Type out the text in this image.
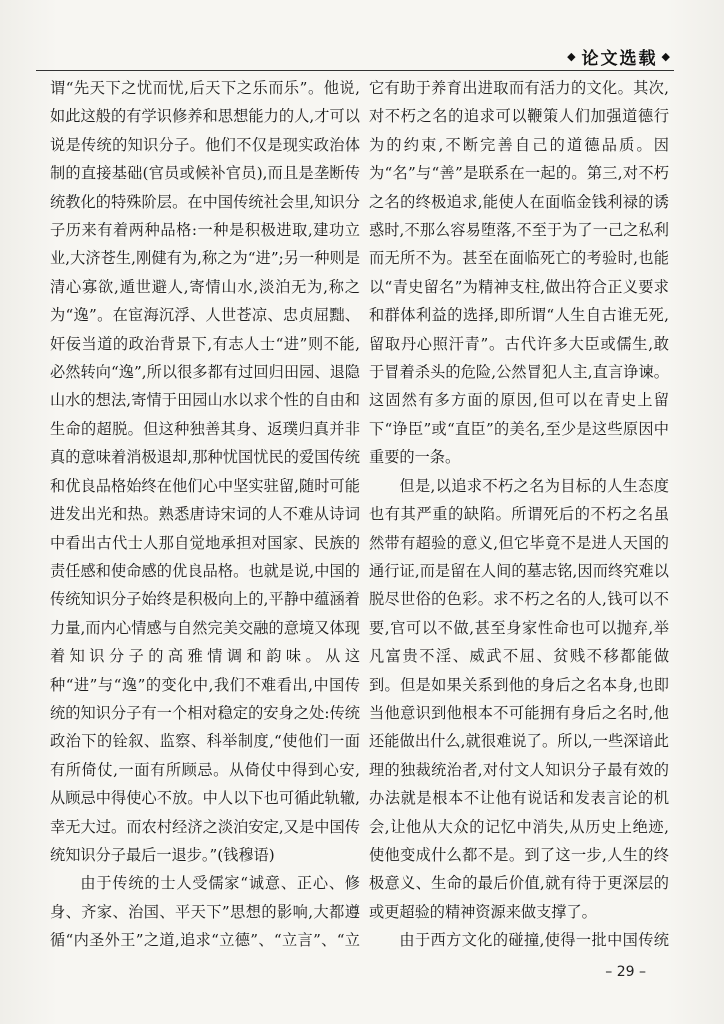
◆ 论文选载 ◆

谓“先天下之忧而忧,后天下之乐而乐”。他说,如此这般的有学识修养和思想能力的人,才可以说是传统的知识分子。他们不仅是现实政治体制的直接基础(官员或候补官员),而且是垄断传统教化的特殊阶层。在中国传统社会里,知识分子历来有着两种品格:一种是积极进取,建功立业,大济苍生,刚健有为,称之为“进”;另一种则是清心寡欲,遁世避人,寄情山水,淡泊无为,称之为“逸”。在宦海沉浮、人世苍凉、忠贞屈黜、奸佞当道的政治背景下,有志人士“进”则不能,必然转向“逸”,所以很多都有过回归田园、退隐山水的想法,寄情于田园山水以求个性的自由和生命的超脱。但这种独善其身、返璞归真并非真的意味着消极退却,那种忧国忧民的爱国传统和优良品格始终在他们心中坚实驻留,随时可能进发出光和热。熟悉唐诗宋词的人不难从诗词中看出古代士人那自觉地承担对国家、民族的责任感和使命感的优良品格。也就是说,中国的传统知识分子始终是积极向上的,平静中蕴涵着力量,而内心情感与自然完美交融的意境又体现着知识分子的高雅情调和韵味。从这种“进”与“逸”的变化中,我们不难看出,中国传统的知识分子有一个相对稳定的安身之处:传统政治下的铨叙、监察、科举制度,“使他们一面有所倚仗,一面有所顾忌。从倚仗中得到心安,从顾忌中得使心不放。中人以下也可循此轨辙,幸无大过。而农村经济之淡泊安定,又是中国传统知识分子最后一退步。”(钱穆语)

由于传统的士人受儒家“诚意、正心、修身、齐家、治国、平天下”思想的影响,大都遵循“内圣外王”之道,追求“立德”、“立言”、“立

它有助于养育出进取而有活力的文化。其次,对不朽之名的追求可以鞭策人们加强道德行为的约束,不断完善自己的道德品质。因为“名”与“善”是联系在一起的。第三,对不朽之名的终极追求,能使人在面临金钱利禄的诱惑时,不那么容易堕落,不至于为了一己之私利而无所不为。甚至在面临死亡的考验时,也能以“青史留名”为精神支柱,做出符合正义要求和群体利益的选择,即所谓“人生自古谁无死,留取丹心照汗青”。古代许多大臣或儒生,敢于冒着杀头的危险,公然冒犯人主,直言诤谏。这固然有多方面的原因,但可以在青史上留下“诤臣”或“直臣”的美名,至少是这些原因中重要的一条。

但是,以追求不朽之名为目标的人生态度也有其严重的缺陷。所谓死后的不朽之名虽然带有超验的意义,但它毕竟不是进人天国的通行证,而是留在人间的墓志铭,因而终究难以脱尽世俗的色彩。求不朽之名的人,钱可以不要,官可以不做,甚至身家性命也可以抛弃,举凡富贵不淫、威武不屈、贫贱不移都能做到。但是如果关系到他的身后之名本身,也即当他意识到他根本不可能拥有身后之名时,他还能做出什么,就很难说了。所以,一些深谙此理的独裁统治者,对付文人知识分子最有效的办法就是根本不让他有说话和发表言论的机会,让他从大众的记忆中消失,从历史上绝迹,使他变成什么都不是。到了这一步,人生的终极意义、生命的最后价值,就有待于更深层的或更超验的精神资源来做支撑了。

由于西方文化的碰撞,使得一批中国传统

– 29 –
